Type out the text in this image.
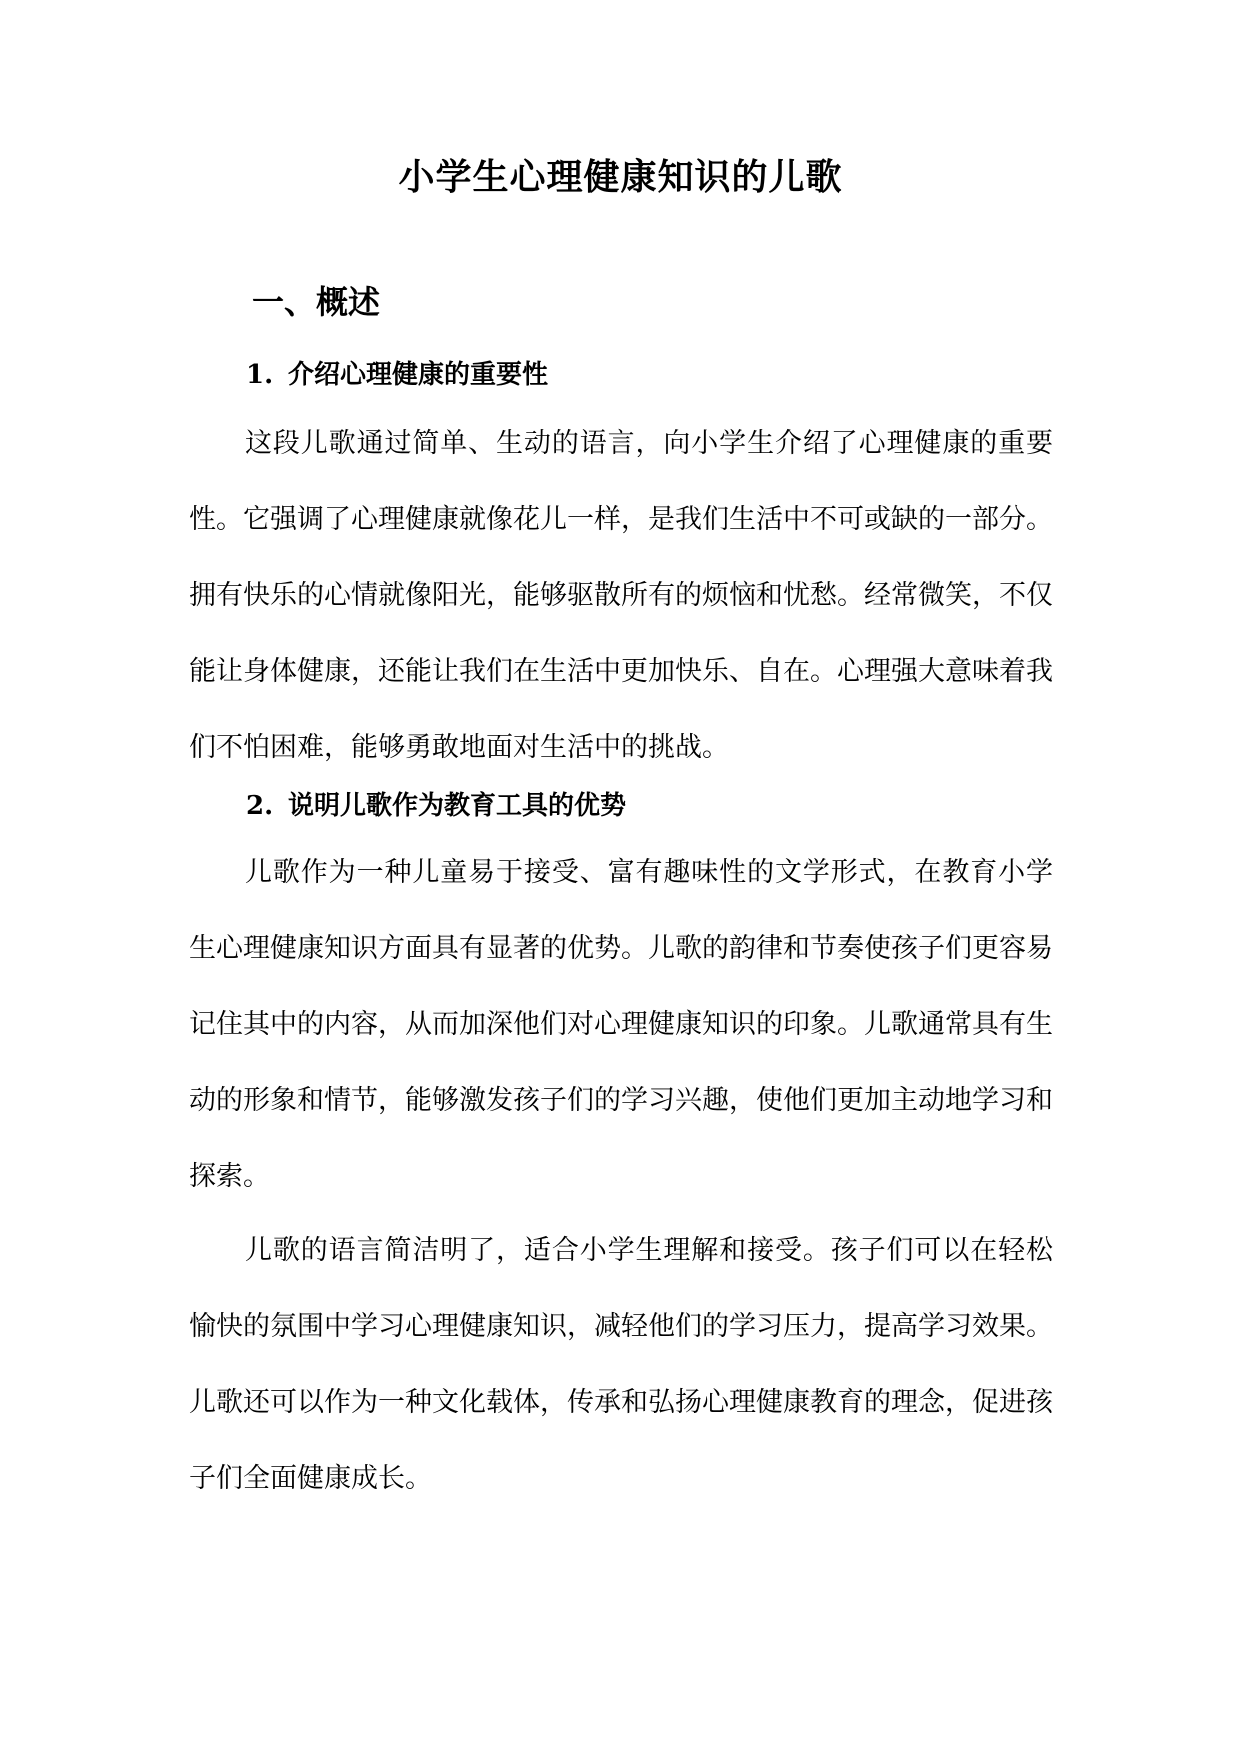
小学生心理健康知识的儿歌
一、概述
1. 介绍心理健康的重要性

这段儿歌通过简单、生动的语言，向小学生介绍了心理健康的重要性。它强调了心理健康就像花儿一样，是我们生活中不可或缺的一部分。拥有快乐的心情就像阳光，能够驱散所有的烦恼和忧愁。经常微笑，不仅能让身体健康，还能让我们在生活中更加快乐、自在。心理强大意味着我们不怕困难，能够勇敢地面对生活中的挑战。

2. 说明儿歌作为教育工具的优势

儿歌作为一种儿童易于接受、富有趣味性的文学形式，在教育小学生心理健康知识方面具有显著的优势。儿歌的韵律和节奏使孩子们更容易记住其中的内容，从而加深他们对心理健康知识的印象。儿歌通常具有生动的形象和情节，能够激发孩子们的学习兴趣，使他们更加主动地学习和探索。

儿歌的语言简洁明了，适合小学生理解和接受。孩子们可以在轻松愉快的氛围中学习心理健康知识，减轻他们的学习压力，提高学习效果。儿歌还可以作为一种文化载体，传承和弘扬心理健康教育的理念，促进孩子们全面健康成长。
